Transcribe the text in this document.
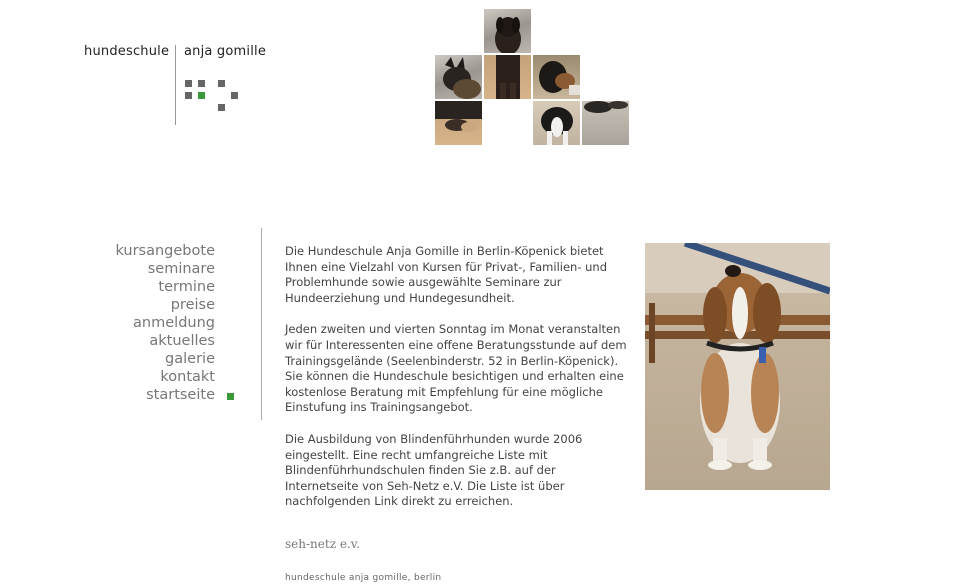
hundeschule anja gomille
kursangebote
seminare
termine
preise
anmeldung
aktuelles
galerie
kontakt
startseite

Die Hundeschule Anja Gomille in Berlin-Köpenick bietet Ihnen eine Vielzahl von Kursen für Privat-, Familien- und Problemhunde sowie ausgewählte Seminare zur Hundeerziehung und Hundegesundheit.

Jeden zweiten und vierten Sonntag im Monat veranstalten wir für Interessenten eine offene Beratungsstunde auf dem Trainingsgelände (Seelenbinderstr. 52 in Berlin-Köpenick). Sie können die Hundeschule besichtigen und erhalten eine kostenlose Beratung mit Empfehlung für eine mögliche Einstufung ins Trainingsangebot.

Die Ausbildung von Blindenführhunden wurde 2006 eingestellt. Eine recht umfangreiche Liste mit Blindenführhundschulen finden Sie z.B. auf der Internetseite von Seh-Netz e.V. Die Liste ist über nachfolgenden Link direkt zu erreichen.

seh-netz e.v.
hundeschule anja gomille, berlin
